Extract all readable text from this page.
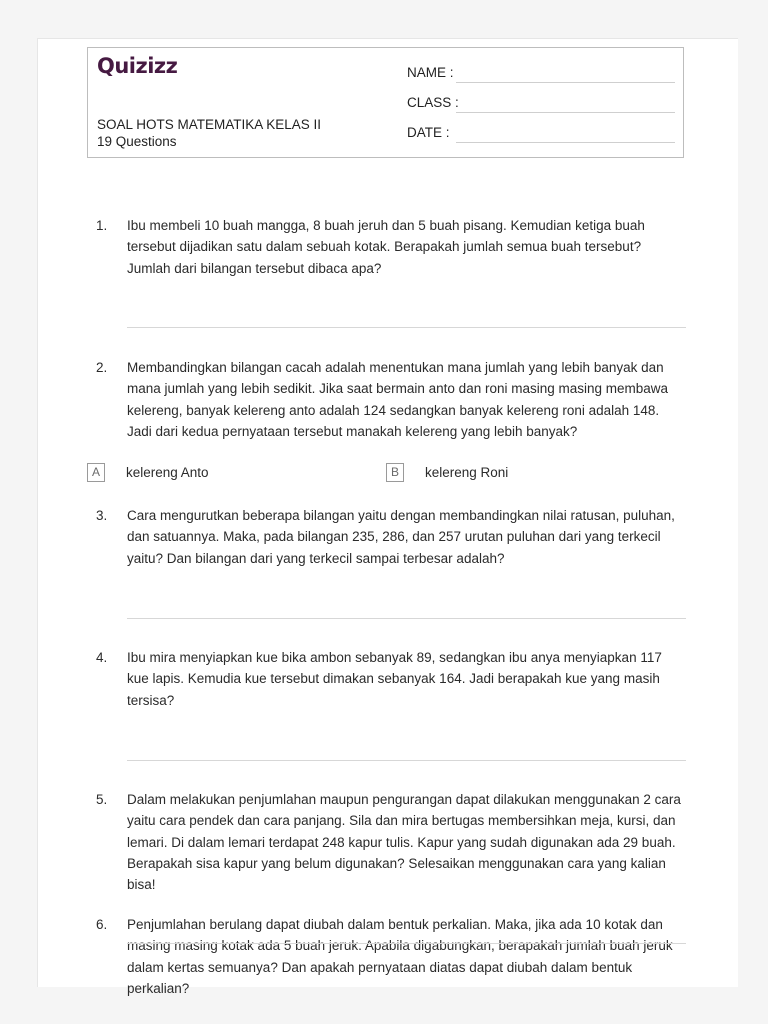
Quizizz
SOAL HOTS MATEMATIKA KELAS II
19 Questions
NAME :
CLASS :
DATE :
1. Ibu membeli 10 buah mangga, 8 buah jeruh dan 5 buah pisang. Kemudian ketiga buah tersebut dijadikan satu dalam sebuah kotak. Berapakah jumlah semua buah tersebut? Jumlah dari bilangan tersebut dibaca apa?
2. Membandingkan bilangan cacah adalah menentukan mana jumlah yang lebih banyak dan mana jumlah yang lebih sedikit. Jika saat bermain anto dan roni masing masing membawa kelereng, banyak kelereng anto adalah 124 sedangkan banyak kelereng roni adalah 148. Jadi dari kedua pernyataan tersebut manakah kelereng yang lebih banyak?
A	kelereng Anto	B	kelereng Roni
3. Cara mengurutkan beberapa bilangan yaitu dengan membandingkan nilai ratusan, puluhan, dan satuannya. Maka, pada bilangan 235, 286, dan 257 urutan puluhan dari yang terkecil yaitu? Dan bilangan dari yang terkecil sampai terbesar adalah?
4. Ibu mira menyiapkan kue bika ambon sebanyak 89, sedangkan ibu anya menyiapkan 117 kue lapis. Kemudia kue tersebut dimakan sebanyak 164. Jadi berapakah kue yang masih tersisa?
5. Dalam melakukan penjumlahan maupun pengurangan dapat dilakukan menggunakan 2 cara yaitu cara pendek dan cara panjang. Sila dan mira bertugas membersihkan meja, kursi, dan lemari. Di dalam lemari terdapat 248 kapur tulis. Kapur yang sudah digunakan ada 29 buah. Berapakah sisa kapur yang belum digunakan? Selesaikan menggunakan cara yang kalian bisa!
6. Penjumlahan berulang dapat diubah dalam bentuk perkalian. Maka, jika ada 10 kotak dan masing masing kotak ada 5 buah jeruk. Apabila digabungkan, berapakah jumlah buah jeruk dalam kertas semuanya? Dan apakah pernyataan diatas dapat diubah dalam bentuk perkalian?
